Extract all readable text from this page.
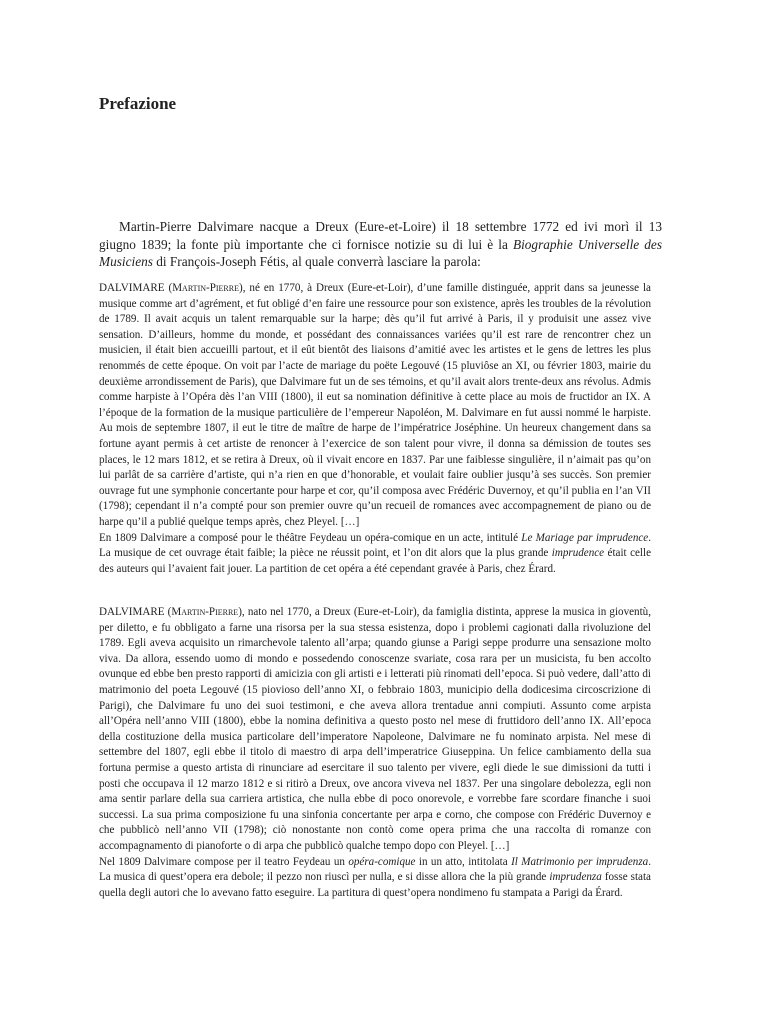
Prefazione

Martin-Pierre Dalvimare nacque a Dreux (Eure-et-Loire) il 18 settembre 1772 ed ivi morì il 13 giugno 1839; la fonte più importante che ci fornisce notizie su di lui è la Biographie Universelle des Musiciens di François-Joseph Fétis, al quale converrà lasciare la parola:

DALVIMARE (Martin-Pierre), né en 1770, à Dreux (Eure-et-Loir), d’une famille distinguée, apprit dans sa jeunesse la musique comme art d’agrément, et fut obligé d’en faire une ressource pour son existence, après les troubles de la révolution de 1789. Il avait acquis un talent remarquable sur la harpe; dès qu’il fut arrivé à Paris, il y produisit une assez vive sensation. D’ailleurs, homme du monde, et possédant des connaissances variées qu’il est rare de rencontrer chez un musicien, il était bien accueilli partout, et il eût bientôt des liaisons d’amitié avec les artistes et le gens de lettres les plus renommés de cette époque. On voit par l’acte de mariage du poëte Legouvé (15 pluviôse an XI, ou février 1803, mairie du deuxième arrondissement de Paris), que Dalvimare fut un de ses témoins, et qu’il avait alors trente-deux ans révolus. Admis comme harpiste à l’Opéra dès l’an VIII (1800), il eut sa nomination définitive à cette place au mois de fructidor an IX. A l’époque de la formation de la musique particulière de l’empereur Napoléon, M. Dalvimare en fut aussi nommé le harpiste. Au mois de septembre 1807, il eut le titre de maître de harpe de l’impératrice Joséphine. Un heureux changement dans sa fortune ayant permis à cet artiste de renoncer à l’exercice de son talent pour vivre, il donna sa démission de toutes ses places, le 12 mars 1812, et se retira à Dreux, où il vivait encore en 1837. Par une faiblesse singulière, il n’aimait pas qu’on lui parlât de sa carrière d’artiste, qui n’a rien en que d’honorable, et voulait faire oublier jusqu’à ses succès. Son premier ouvrage fut une symphonie concertante pour harpe et cor, qu’il composa avec Frédéric Duvernoy, et qu’il publia en l’an VII (1798); cependant il n’a compté pour son premier ouvre qu’un recueil de romances avec accompagnement de piano ou de harpe qu’il a publié quelque temps après, chez Pleyel. […]

En 1809 Dalvimare a composé pour le théâtre Feydeau un opéra-comique en un acte, intitulé Le Mariage par imprudence. La musique de cet ouvrage était faible; la pièce ne réussit point, et l’on dit alors que la plus grande imprudence était celle des auteurs qui l’avaient fait jouer. La partition de cet opéra a été cependant gravée à Paris, chez Érard.

DALVIMARE (Martin-Pierre), nato nel 1770, a Dreux (Eure-et-Loir), da famiglia distinta, apprese la musica in gioventù, per diletto, e fu obbligato a farne una risorsa per la sua stessa esistenza, dopo i problemi cagionati dalla rivoluzione del 1789. Egli aveva acquisito un rimarchevole talento all’arpa; quando giunse a Parigi seppe produrre una sensazione molto viva. Da allora, essendo uomo di mondo e possedendo conoscenze svariate, cosa rara per un musicista, fu ben accolto ovunque ed ebbe ben presto rapporti di amicizia con gli artisti e i letterati più rinomati dell’epoca. Si può vedere, dall’atto di matrimonio del poeta Legouvé (15 piovioso dell’anno XI, o febbraio 1803, municipio della dodicesima circoscrizione di Parigi), che Dalvimare fu uno dei suoi testimoni, e che aveva allora trentadue anni compiuti. Assunto come arpista all’Opéra nell’anno VIII (1800), ebbe la nomina definitiva a questo posto nel mese di fruttidoro dell’anno IX. All’epoca della costituzione della musica particolare dell’imperatore Napoleone, Dalvimare ne fu nominato arpista. Nel mese di settembre del 1807, egli ebbe il titolo di maestro di arpa dell’imperatrice Giuseppina. Un felice cambiamento della sua fortuna permise a questo artista di rinunciare ad esercitare il suo talento per vivere, egli diede le sue dimissioni da tutti i posti che occupava il 12 marzo 1812 e si ritirò a Dreux, ove ancora viveva nel 1837. Per una singolare debolezza, egli non ama sentir parlare della sua carriera artistica, che nulla ebbe di poco onorevole, e vorrebbe fare scordare finanche i suoi successi. La sua prima composizione fu una sinfonia concertante per arpa e corno, che compose con Frédéric Duvernoy e che pubblicò nell’anno VII (1798); ciò nonostante non contò come opera prima che una raccolta di romanze con accompagnamento di pianoforte o di arpa che pubblicò qualche tempo dopo con Pleyel. […]

Nel 1809 Dalvimare compose per il teatro Feydeau un opéra-comique in un atto, intitolata Il Matrimonio per imprudenza. La musica di quest’opera era debole; il pezzo non riuscì per nulla, e si disse allora che la più grande imprudenza fosse stata quella degli autori che lo avevano fatto eseguire. La partitura di quest’opera nondimeno fu stampata a Parigi da Érard.
